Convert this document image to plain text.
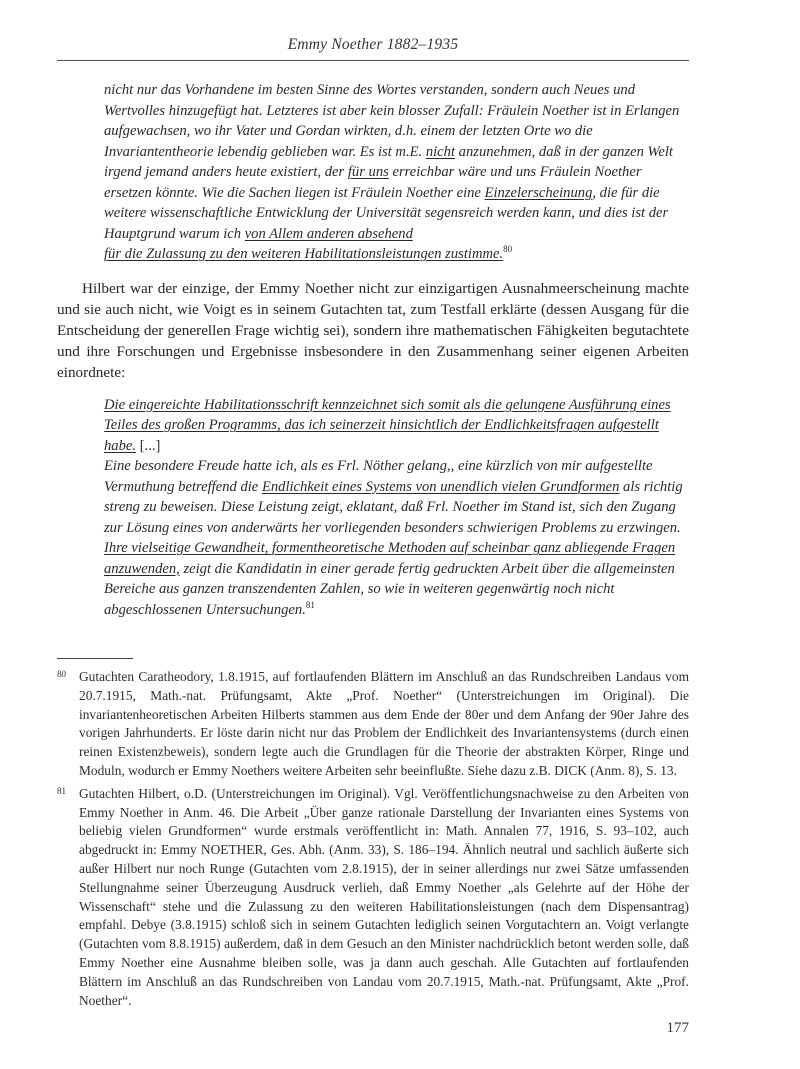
Emmy Noether 1882–1935

nicht nur das Vorhandene im besten Sinne des Wortes verstanden, sondern auch Neues und Wertvolles hinzugefügt hat. Letzteres ist aber kein blosser Zufall: Fräulein Noether ist in Erlangen aufgewachsen, wo ihr Vater und Gordan wirkten, d.h. einem der letzten Orte wo die Invariantentheorie lebendig geblieben war. Es ist m.E. nicht anzunehmen, daß in der ganzen Welt irgend jemand anders heute existiert, der für uns erreichbar wäre und uns Fräulein Noether ersetzen könnte. Wie die Sachen liegen ist Fräulein Noether eine Einzelerscheinung, die für die weitere wissenschaftliche Entwicklung der Universität segensreich werden kann, und dies ist der Hauptgrund warum ich von Allem anderen absehend
für die Zulassung zu den weiteren Habilitationsleistungen zustimme.$^{80}$

Hilbert war der einzige, der Emmy Noether nicht zur einzigartigen Ausnahmeerscheinung machte und sie auch nicht, wie Voigt es in seinem Gutachten tat, zum Testfall erklärte (dessen Ausgang für die Entscheidung der generellen Frage wichtig sei), sondern ihre mathematischen Fähigkeiten begutachtete und ihre Forschungen und Ergebnisse insbesondere in den Zusammenhang seiner eigenen Arbeiten einordnete:

Die eingereichte Habilitationsschrift kennzeichnet sich somit als die gelungene Ausführung eines Teiles des großen Programms, das ich seinerzeit hinsichtlich der Endlichkeitsfragen aufgestellt habe. [...]

Eine besondere Freude hatte ich, als es Frl. Nöther gelang,, eine kürzlich von mir aufgestellte Vermuthung betreffend die Endlichkeit eines Systems von unendlich vielen Grundformen als richtig streng zu beweisen. Diese Leistung zeigt, eklatant, daß Frl. Noether im Stand ist, sich den Zugang zur Lösung eines von anderwärts her vorliegenden besonders schwierigen Problems zu erzwingen.

Ihre vielseitige Gewandheit, formentheoretische Methoden auf scheinbar ganz abliegende Fragen anzuwenden, zeigt die Kandidatin in einer gerade fertig gedruckten Arbeit über die allgemeinsten Bereiche aus ganzen transzendenten Zahlen, so wie in weiteren gegenwärtig noch nicht abgeschlossenen Untersuchungen.$^{81}$

80 Gutachten Caratheodory, 1.8.1915, auf fortlaufenden Blättern im Anschluß an das Rundschreiben Landaus vom 20.7.1915, Math.-nat. Prüfungsamt, Akte „Prof. Noether“ (Unterstreichungen im Original). Die invariantenheoretischen Arbeiten Hilberts stammen aus dem Ende der 80er und dem Anfang der 90er Jahre des vorigen Jahrhunderts. Er löste darin nicht nur das Problem der Endlichkeit des Invariantensystems (durch einen reinen Existenzbeweis), sondern legte auch die Grundlagen für die Theorie der abstrakten Körper, Ringe und Moduln, wodurch er Emmy Noethers weitere Arbeiten sehr beeinflußte. Siehe dazu z.B. DICK (Anm. 8), S. 13.

81 Gutachten Hilbert, o.D. (Unterstreichungen im Original). Vgl. Veröffentlichungsnachweise zu den Arbeiten von Emmy Noether in Anm. 46. Die Arbeit „Über ganze rationale Darstellung der Invarianten eines Systems von beliebig vielen Grundformen“ wurde erstmals veröffentlicht in: Math. Annalen 77, 1916, S. 93–102, auch abgedruckt in: Emmy NOETHER, Ges. Abh. (Anm. 33), S. 186–194. Ähnlich neutral und sachlich äußerte sich außer Hilbert nur noch Runge (Gutachten vom 2.8.1915), der in seiner allerdings nur zwei Sätze umfassenden Stellungnahme seiner Überzeugung Ausdruck verlieh, daß Emmy Noether „als Gelehrte auf der Höhe der Wissenschaft“ stehe und die Zulassung zu den weiteren Habilitationsleistungen (nach dem Dispensantrag) empfahl. Debye (3.8.1915) schloß sich in seinem Gutachten lediglich seinen Vorgutachtern an. Voigt verlangte (Gutachten vom 8.8.1915) außerdem, daß in dem Gesuch an den Minister nachdrücklich betont werden solle, daß Emmy Noether eine Ausnahme bleiben solle, was ja dann auch geschah. Alle Gutachten auf fortlaufenden Blättern im Anschluß an das Rundschreiben von Landau vom 20.7.1915, Math.-nat. Prüfungsamt, Akte „Prof. Noether“.

177
